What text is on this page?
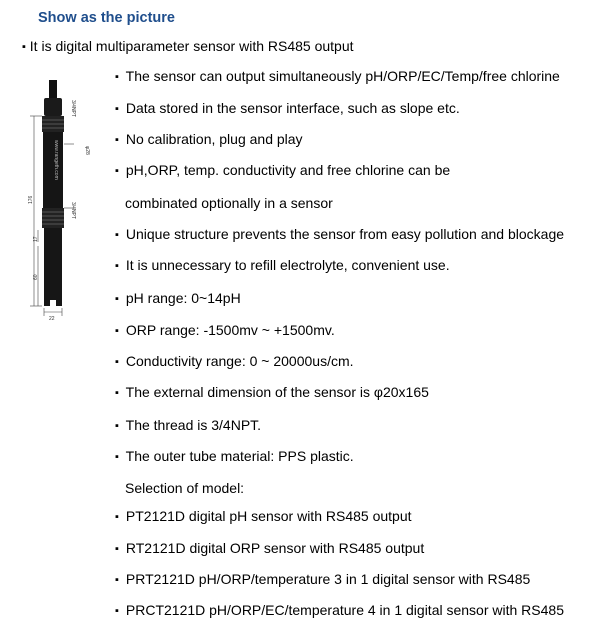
Show as the picture
▪ It is digital multiparameter sensor with RS485 output
www.rangeth.com
3/4NPT
φ28
3/4NPT
176
17
60
22
▪ The sensor can output simultaneously pH/ORP/EC/Temp/free chlorine
▪ Data stored in the sensor interface, such as slope etc.
▪ No calibration, plug and play
▪ pH,ORP, temp. conductivity and free chlorine can be
combinated optionally in a sensor
▪ Unique structure prevents the sensor from easy pollution and blockage
▪ It is unnecessary to refill electrolyte, convenient use.
▪ pH range: 0~14pH
▪ ORP range: -1500mv ~ +1500mv.
▪ Conductivity range: 0 ~ 20000us/cm.
▪ The external dimension of the sensor is φ20x165
▪ The thread is 3/4NPT.
▪ The outer tube material: PPS plastic.
Selection of model:
▪ PT2121D digital pH sensor with RS485 output
▪ RT2121D digital ORP sensor with RS485 output
▪ PRT2121D pH/ORP/temperature 3 in 1 digital sensor with RS485
▪ PRCT2121D pH/ORP/EC/temperature 4 in 1 digital sensor with RS485
